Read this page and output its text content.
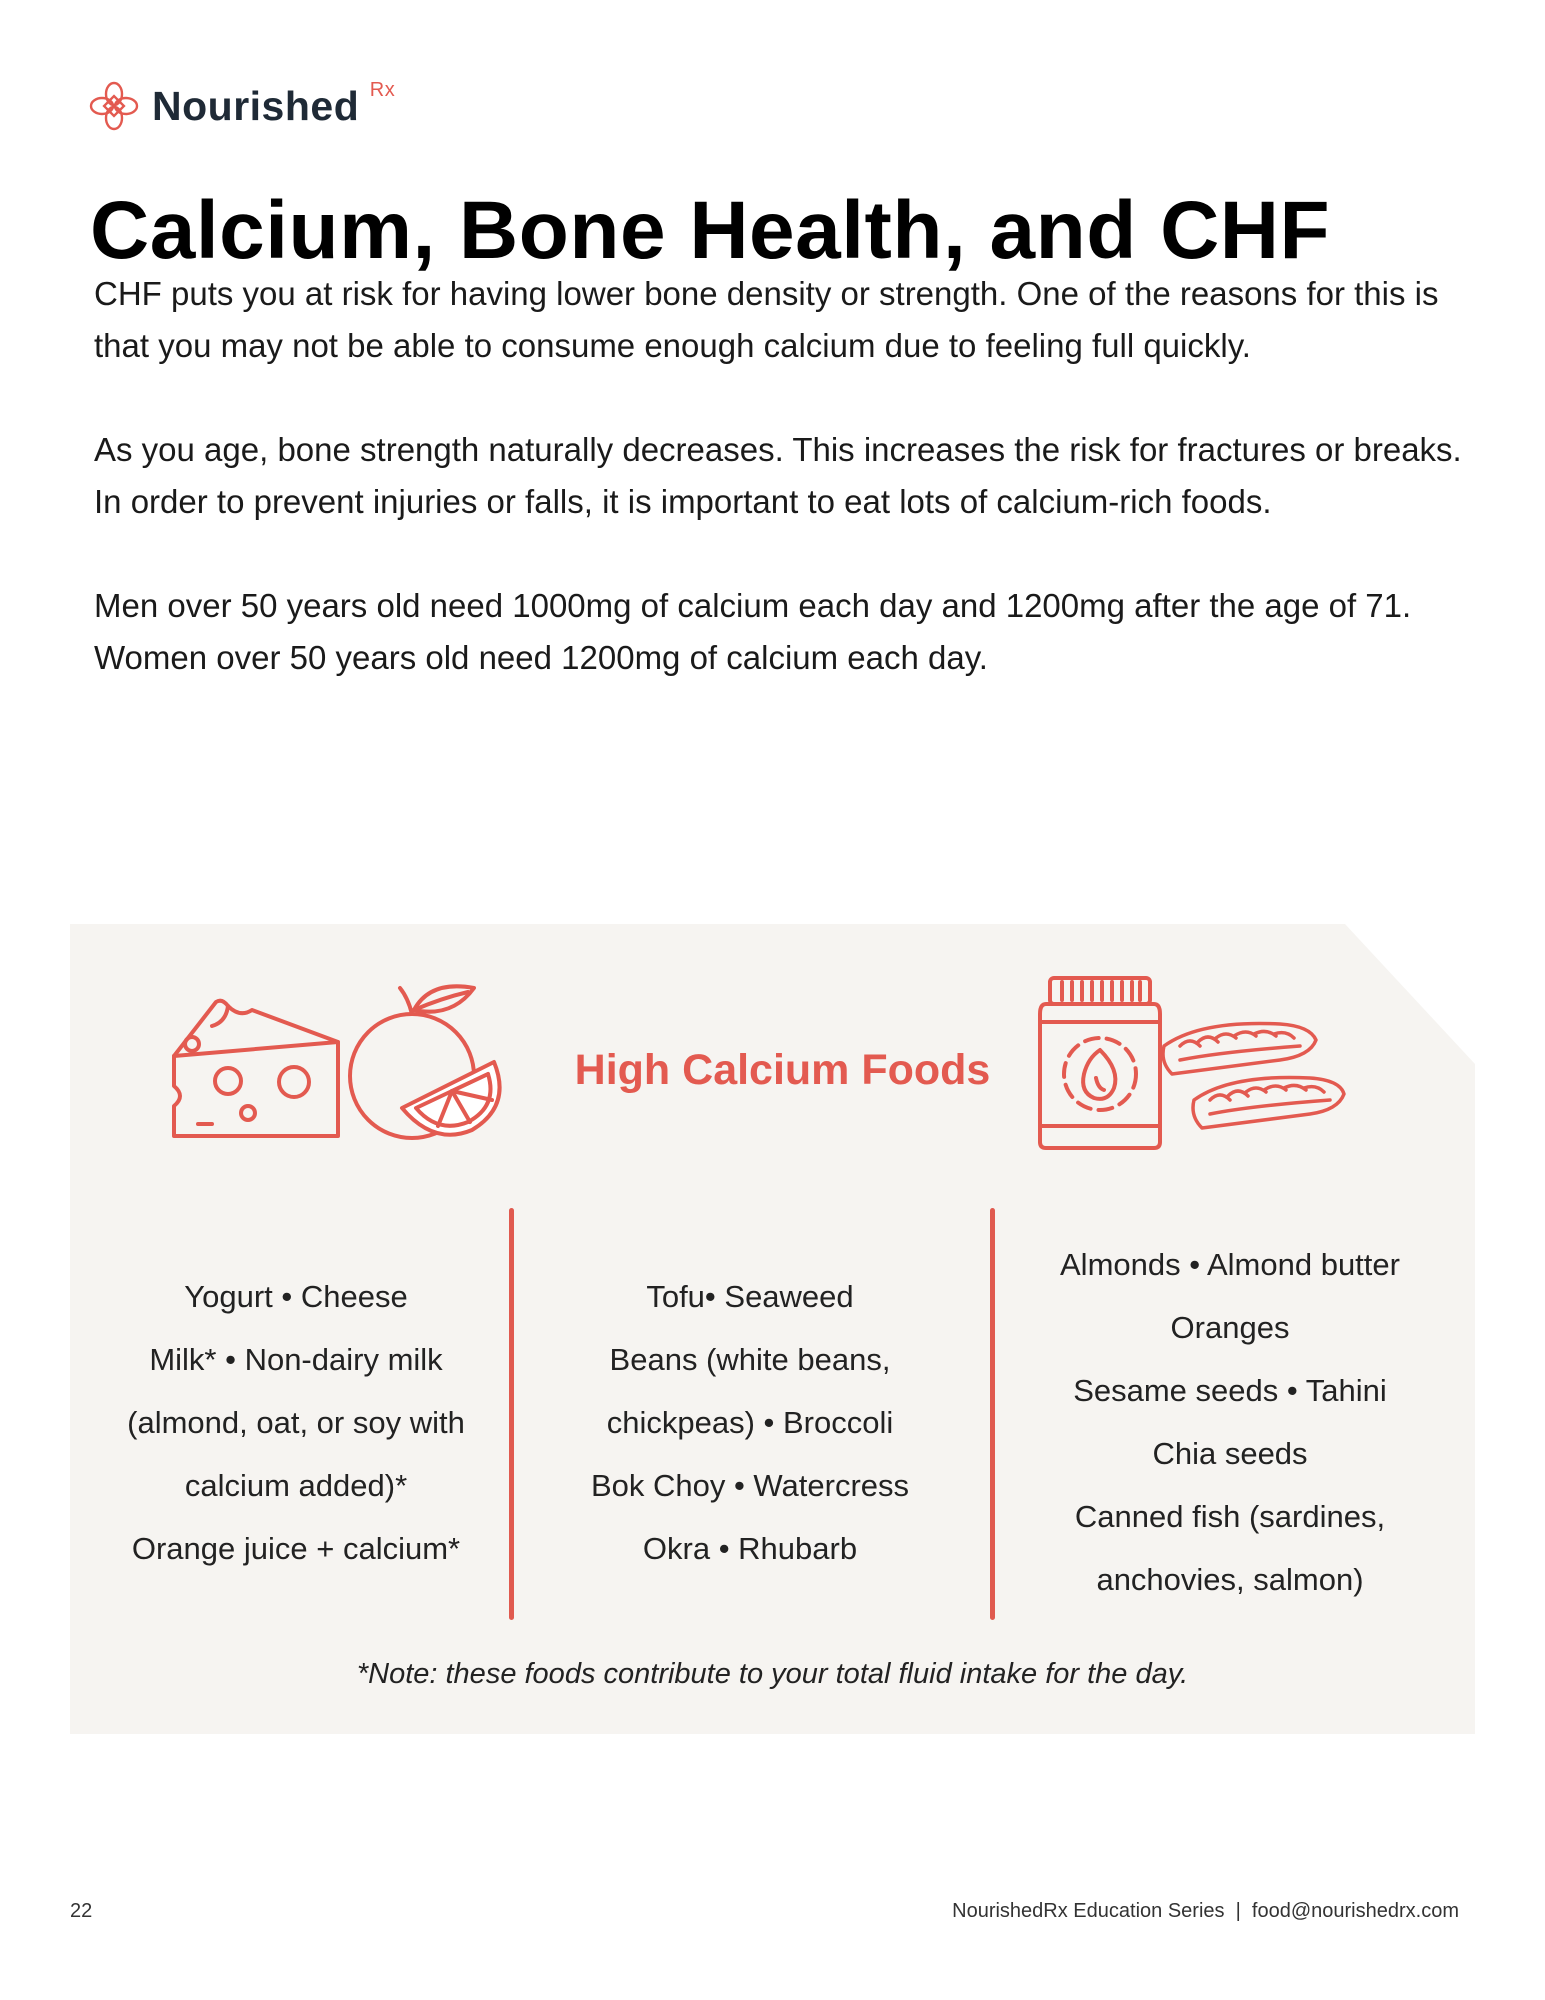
Nourished Rx
Calcium, Bone Health, and CHF

CHF puts you at risk for having lower bone density or strength. One of the reasons for this is that you may not be able to consume enough calcium due to feeling full quickly.

As you age, bone strength naturally decreases. This increases the risk for fractures or breaks. In order to prevent injuries or falls, it is important to eat lots of calcium-rich foods.

Men over 50 years old need 1000mg of calcium each day and 1200mg after the age of 71. Women over 50 years old need 1200mg of calcium each day.

High Calcium Foods
Yogurt • Cheese
Milk* • Non-dairy milk
(almond, oat, or soy with
calcium added)*
Orange juice + calcium*
Tofu• Seaweed
Beans (white beans,
chickpeas) • Broccoli
Bok Choy • Watercress
Okra • Rhubarb
Almonds • Almond butter
Oranges
Sesame seeds • Tahini
Chia seeds
Canned fish (sardines,
anchovies, salmon)

*Note: these foods contribute to your total fluid intake for the day.

22	NourishedRx Education Series  |  food@nourishedrx.com
